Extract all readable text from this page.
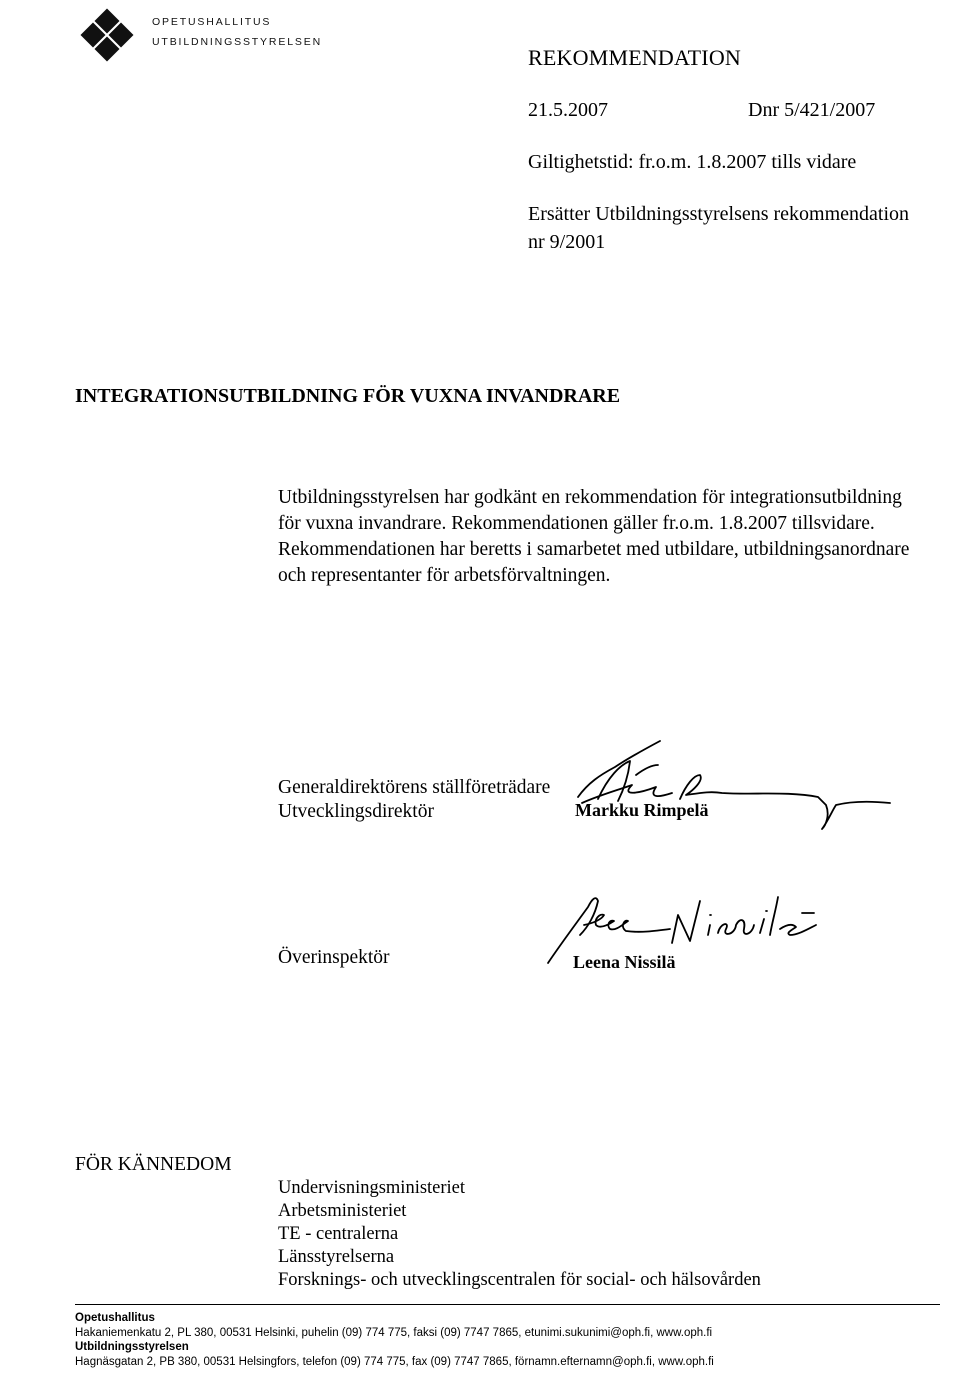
OPETUSHALLITUS
UTBILDNINGSSTYRELSEN
REKOMMENDATION
21.5.2007	Dnr 5/421/2007
Giltighetstid: fr.o.m. 1.8.2007 tills vidare
Ersätter Utbildningsstyrelsens rekommendation
nr 9/2001
INTEGRATIONSUTBILDNING FÖR VUXNA INVANDRARE
Utbildningsstyrelsen har godkänt en rekommendation för integrationsutbildning
för vuxna invandrare. Rekommendationen gäller fr.o.m. 1.8.2007 tillsvidare.
Rekommendationen har beretts i samarbetet med utbildare, utbildningsanordnare
och representanter för arbetsförvaltningen.
Generaldirektörens ställföreträdare
Utvecklingsdirektör	Markku Rimpelä
Överinspektör	Leena Nissilä
FÖR KÄNNEDOM
Undervisningsministeriet
Arbetsministeriet
TE - centralerna
Länsstyrelserna
Forsknings- och utvecklingscentralen för social- och hälsovården
Opetushallitus
Hakaniemenkatu 2, PL 380, 00531 Helsinki, puhelin (09) 774 775, faksi (09) 7747 7865, etunimi.sukunimi@oph.fi, www.oph.fi
Utbildningsstyrelsen
Hagnäsgatan 2, PB 380, 00531 Helsingfors, telefon (09) 774 775, fax (09) 7747 7865, förnamn.efternamn@oph.fi, www.oph.fi
